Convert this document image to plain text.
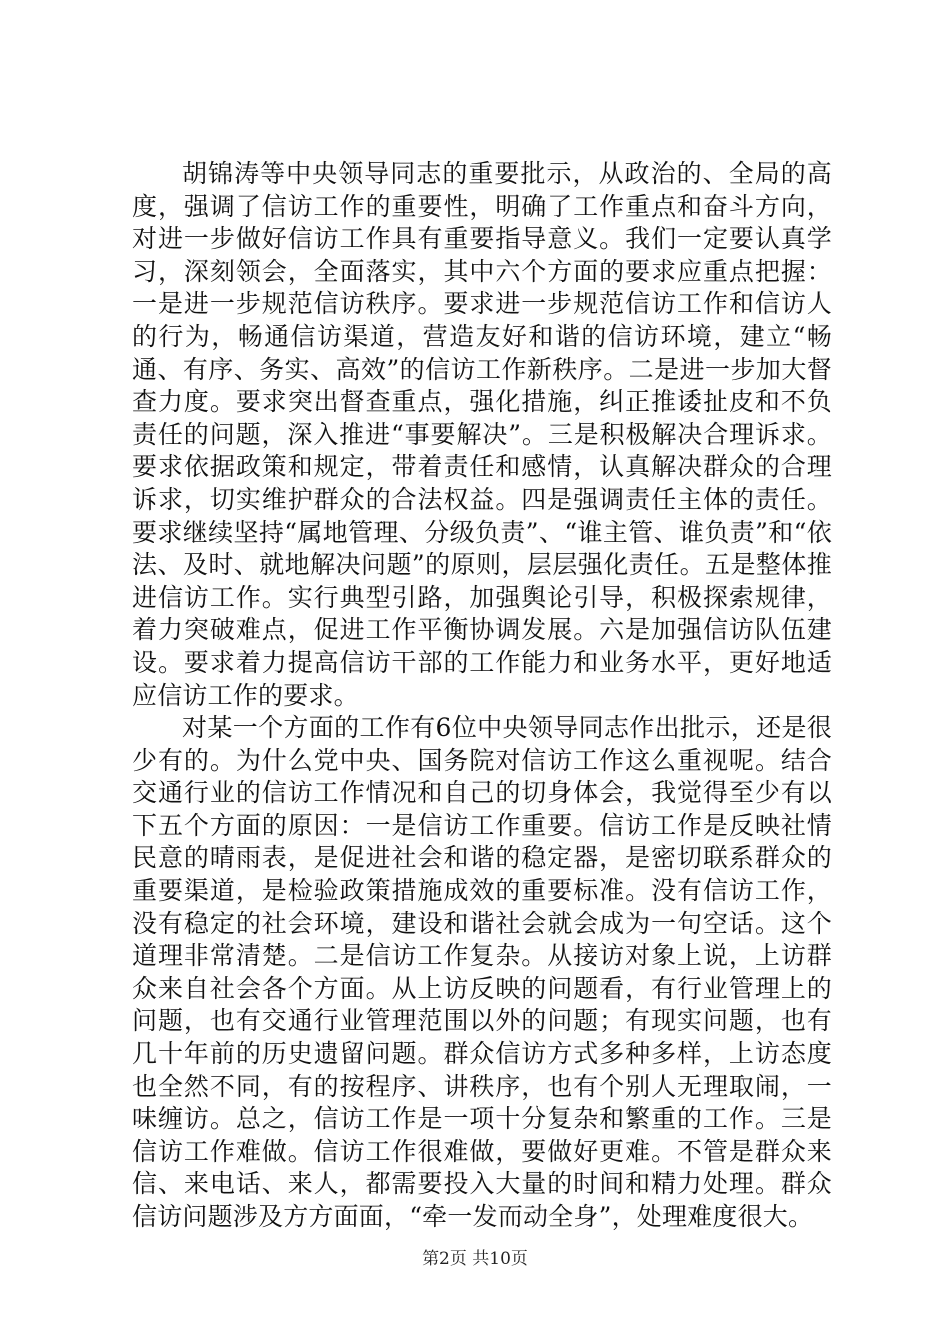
胡锦涛等中央领导同志的重要批示，从政治的、全局的高度，强调了信访工作的重要性，明确了工作重点和奋斗方向，对进一步做好信访工作具有重要指导意义。我们一定要认真学习，深刻领会，全面落实，其中六个方面的要求应重点把握：一是进一步规范信访秩序。要求进一步规范信访工作和信访人的行为，畅通信访渠道，营造友好和谐的信访环境，建立“畅通、有序、务实、高效”的信访工作新秩序。二是进一步加大督查力度。要求突出督查重点，强化措施，纠正推诿扯皮和不负责任的问题，深入推进“事要解决”。三是积极解决合理诉求。要求依据政策和规定，带着责任和感情，认真解决群众的合理诉求，切实维护群众的合法权益。四是强调责任主体的责任。要求继续坚持“属地管理、分级负责”、“谁主管、谁负责”和“依法、及时、就地解决问题”的原则，层层强化责任。五是整体推进信访工作。实行典型引路，加强舆论引导，积极探索规律，着力突破难点，促进工作平衡协调发展。六是加强信访队伍建设。要求着力提高信访干部的工作能力和业务水平，更好地适应信访工作的要求。

对某一个方面的工作有6位中央领导同志作出批示，还是很少有的。为什么党中央、国务院对信访工作这么重视呢。结合交通行业的信访工作情况和自己的切身体会，我觉得至少有以下五个方面的原因：一是信访工作重要。信访工作是反映社情民意的晴雨表，是促进社会和谐的稳定器，是密切联系群众的重要渠道，是检验政策措施成效的重要标准。没有信访工作，没有稳定的社会环境，建设和谐社会就会成为一句空话。这个道理非常清楚。二是信访工作复杂。从接访对象上说，上访群众来自社会各个方面。从上访反映的问题看，有行业管理上的问题，也有交通行业管理范围以外的问题；有现实问题，也有几十年前的历史遗留问题。群众信访方式多种多样，上访态度也全然不同，有的按程序、讲秩序，也有个别人无理取闹，一味缠访。总之，信访工作是一项十分复杂和繁重的工作。三是信访工作难做。信访工作很难做，要做好更难。不管是群众来信、来电话、来人，都需要投入大量的时间和精力处理。群众信访问题涉及方方面面，“牵一发而动全身”，处理难度很大。

第2页 共10页
